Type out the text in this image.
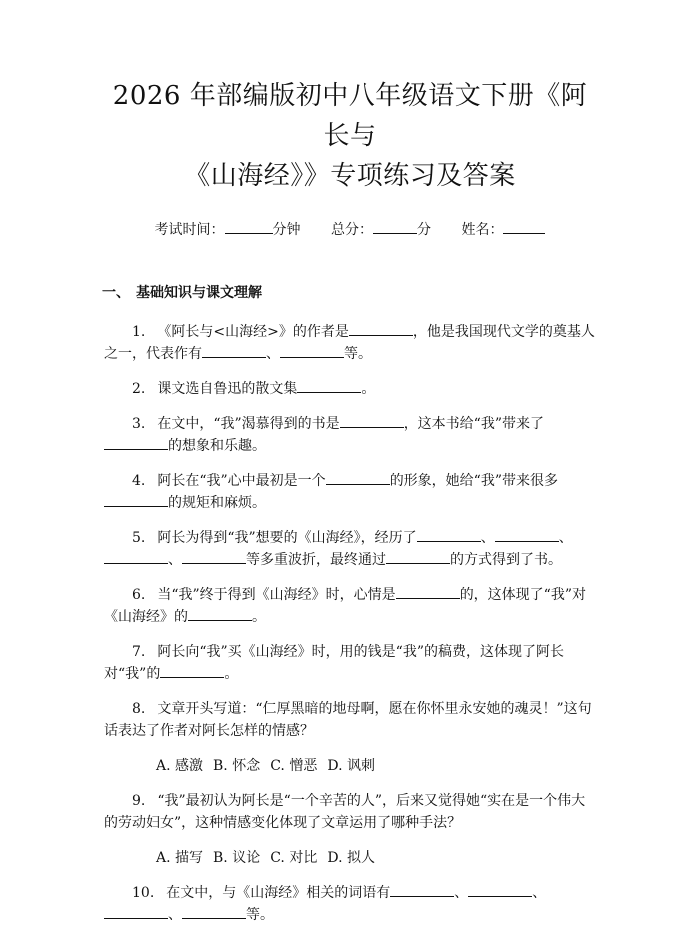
2026 年部编版初中八年级语文下册《阿长与
《山海经》》专项练习及答案
考试时间：	分钟 总分：	分 姓名：
一、 基础知识与课文理解

1. 《阿长与<山海经>》的作者是	，他是我国现代文学的奠基人之一，代表作有	、	等。

2. 课文选自鲁迅的散文集	。

3. 在文中，“我”渴慕得到的书是	，这本书给“我”带来了的想象和乐趣。

4. 阿长在“我”心中最初是一个	的形象，她给“我”带来很多的规矩和麻烦。

5. 阿长为得到“我”想要的《山海经》，经历了	、	、、	等多重波折，最终通过	的方式得到了书。

6. 当“我”终于得到《山海经》时，心情是	的，这体现了“我”对《山海经》的	。

7. 阿长向“我”买《山海经》时，用的钱是“我”的稿费，这体现了阿长对“我”的	。

8. 文章开头写道：“仁厚黑暗的地母啊，愿在你怀里永安她的魂灵！”这句话表达了作者对阿长怎样的情感？

A. 感激 B. 怀念 C. 憎恶 D. 讽刺

9. “我”最初认为阿长是“一个辛苦的人”，后来又觉得她“实在是一个伟大的劳动妇女”，这种情感变化体现了文章运用了哪种手法？

A. 描写 B. 议论 C. 对比 D. 拟人

10. 在文中，与《山海经》相关的词语有	、	、、	等。
